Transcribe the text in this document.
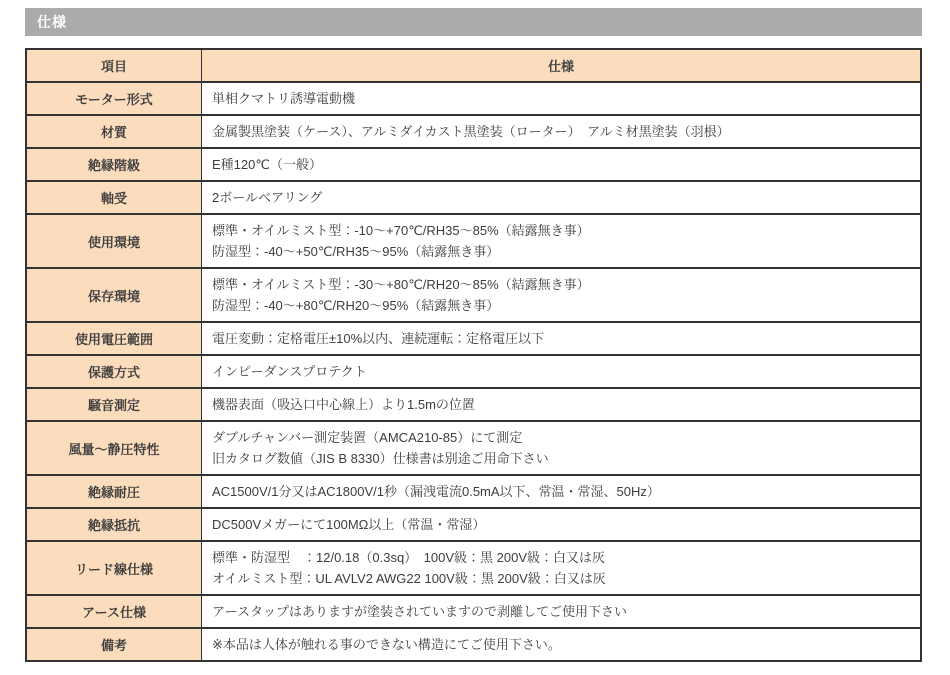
仕様
項目	仕様
モーター形式	単相クマトリ誘導電動機

材質	金属製黒塗装（ケース）、アルミダイカスト黒塗装（ローター）　アルミ材黒塗装（羽根）

絶縁階級	E種120℃（一般）

軸受	2ボールベアリング

使用環境	標準・オイルミスト型：-10～+70℃/RH35～85%（結露無き事）
防湿型：-40～+50℃/RH35～95%（結露無き事）

保存環境	標準・オイルミスト型：-30～+80℃/RH20～85%（結露無き事）
防湿型：-40～+80℃/RH20～95%（結露無き事）

使用電圧範囲	電圧変動：定格電圧±10%以内、連続運転：定格電圧以下

保護方式	インピーダンスプロテクト

騒音測定	機器表面（吸込口中心線上）より1.5mの位置

風量～静圧特性	ダブルチャンバー測定装置（AMCA210-85）にて測定
旧カタログ数値（JIS B 8330）仕様書は別途ご用命下さい

絶縁耐圧	AC1500V/1分又はAC1800V/1秒（漏洩電流0.5mA以下、常温・常湿、50Hz）

絶縁抵抗	DC500Vメガーにて100MΩ以上（常温・常湿）

リード線仕様	標準・防湿型　：12/0.18（0.3sq）　100V級：黒 200V級：白又は灰
オイルミスト型：UL AVLV2 AWG22 100V級：黒 200V級：白又は灰

アース仕様	アースタップはありますが塗装されていますので剥離してご使用下さい

備考	※本品は人体が触れる事のできない構造にてご使用下さい。
